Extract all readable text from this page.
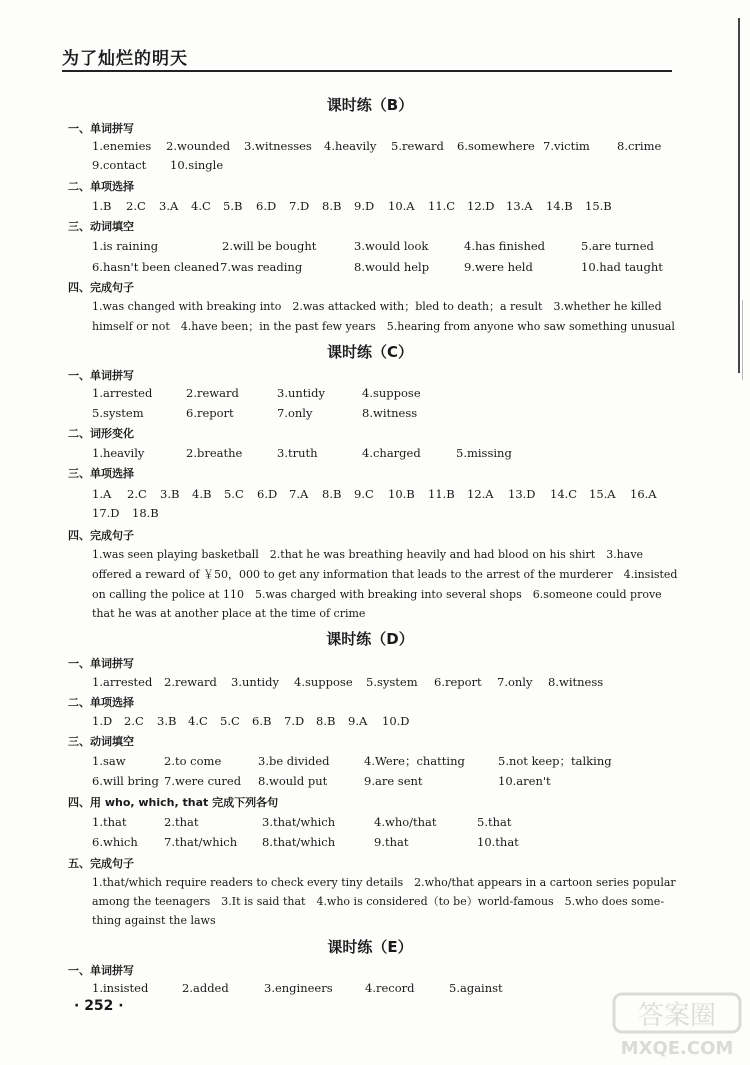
为了灿烂的明天
课时练（B）
一、单词拼写
1.enemies 2.wounded 3.witnesses 4.heavily 5.reward 6.somewhere 7.victim 8.crime
9.contact 10.single
二、单项选择
1.B 2.C 3.A 4.C 5.B 6.D 7.D 8.B 9.D 10.A 11.C 12.D 13.A 14.B 15.B
三、动词填空
1.is raining	2.will be bought	3.would look	4.has finished	5.are turned
6.hasn't been cleaned 7.was reading	8.would help	9.were held	10.had taught
四、完成句子
1.was changed with breaking into　2.was attacked with；bled to death；a result　3.whether he killed
himself or not　4.have been；in the past few years　5.hearing from anyone who saw something unusual
课时练（C）
一、单词拼写
1.arrested	2.reward	3.untidy	4.suppose
5.system	6.report	7.only	8.witness
二、词形变化
1.heavily	2.breathe	3.truth	4.charged	5.missing
三、单项选择
1.A 2.C 3.B 4.B 5.C 6.D 7.A 8.B 9.C 10.B 11.B 12.A 13.D 14.C 15.A 16.A
17.D 18.B
四、完成句子
1.was seen playing basketball　2.that he was breathing heavily and had blood on his shirt　3.have
offered a reward of ￥50，000 to get any information that leads to the arrest of the murderer　4.insisted
on calling the police at 110　5.was charged with breaking into several shops　6.someone could prove
that he was at another place at the time of crime
课时练（D）
一、单词拼写
1.arrested 2.reward 3.untidy 4.suppose 5.system 6.report 7.only 8.witness
二、单项选择
1.D 2.C 3.B 4.C 5.C 6.B 7.D 8.B 9.A 10.D
三、动词填空
1.saw	2.to come	3.be divided	4.Were；chatting	5.not keep；talking
6.will bring 7.were cured 8.would put	9.are sent	10.aren't
四、用 who, which, that 完成下列各句
1.that	2.that	3.that/which	4.who/that	5.that
6.which 7.that/which 8.that/which	9.that	10.that
五、完成句子
1.that/which require readers to check every tiny details　2.who/that appears in a cartoon series popular
among the teenagers　3.It is said that　4.who is considered（to be）world-famous　5.who does some-
thing against the laws
课时练（E）
一、单词拼写
1.insisted	2.added	3.engineers	4.record	5.against
· 252 ·	答案圈
MXQE.COM
